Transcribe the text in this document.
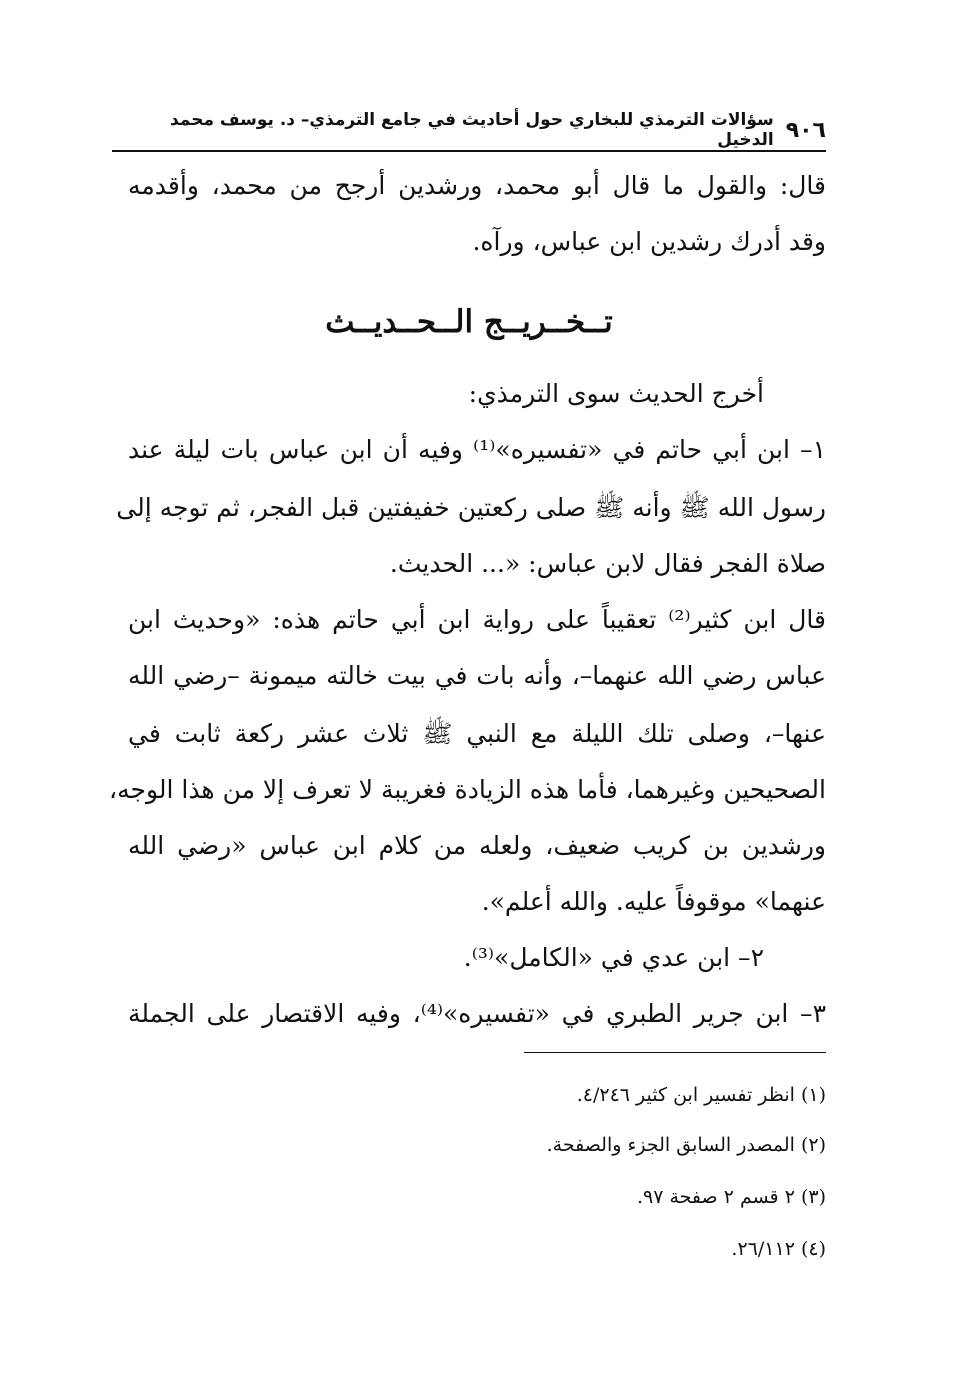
٩٠٦
سؤالات الترمذي للبخاري حول أحاديث في جامع الترمذي– د. يوسف محمد الدخيل
قال: والقول ما قال أبو محمد، ورشدين أرجح من محمد، وأقدمه
وقد أدرك رشدين ابن عباس، ورآه.
تــخــريــج الــحــديــث
أخرج الحديث سوى الترمذي:
١– ابن أبي حاتم في «تفسيره»⁽¹⁾ وفيه أن ابن عباس بات ليلة عند
رسول الله ﷺ وأنه ﷺ صلى ركعتين خفيفتين قبل الفجر، ثم توجه إلى
صلاة الفجر فقال لابن عباس: «... الحديث.
قال ابن كثير⁽²⁾ تعقيباً على رواية ابن أبي حاتم هذه: «وحديث ابن
عباس رضي الله عنهما–، وأنه بات في بيت خالته ميمونة –رضي الله
عنها–، وصلى تلك الليلة مع النبي ﷺ ثلاث عشر ركعة ثابت في
الصحيحين وغيرهما، فأما هذه الزيادة فغريبة لا تعرف إلا من هذا الوجه،
ورشدين بن كريب ضعيف، ولعله من كلام ابن عباس «رضي الله
عنهما» موقوفاً عليه. والله أعلم».
٢– ابن عدي في «الكامل»⁽³⁾.
٣– ابن جرير الطبري في «تفسيره»⁽⁴⁾، وفيه الاقتصار على الجملة
(١) انظر تفسير ابن كثير ٤/٢٤٦.
(٢) المصدر السابق الجزء والصفحة.
(٣) ٢ قسم ٢ صفحة ٩٧.
(٤) ٢٦/١١٢.
